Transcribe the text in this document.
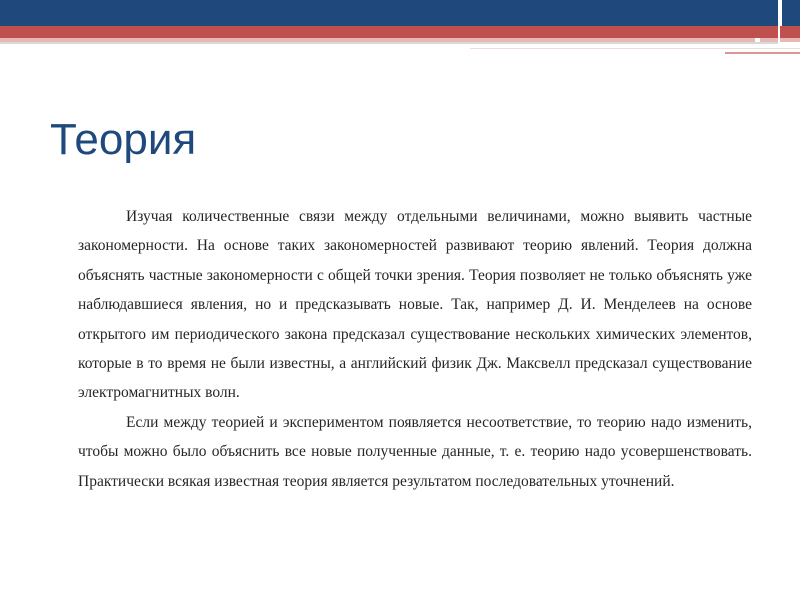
Теория

Изучая количественные связи между отдельными величинами, можно выявить частные закономерности. На основе таких закономерностей развивают теорию явлений. Теория должна объяснять частные закономерности с общей точки зрения. Теория позволяет не только объяснять уже наблюдавшиеся явления, но и предсказывать новые. Так, например Д. И. Менделеев на основе открытого им периодического закона предсказал существование нескольких химических элементов, которые в то время не были известны, а английский физик Дж. Максвелл предсказал существование электромагнитных волн.

Если между теорией и экспериментом появляется несоответствие, то теорию надо изменить, чтобы можно было объяснить все новые полученные данные, т. е. теорию надо усовершенствовать. Практически всякая известная теория является результатом последовательных уточнений.
